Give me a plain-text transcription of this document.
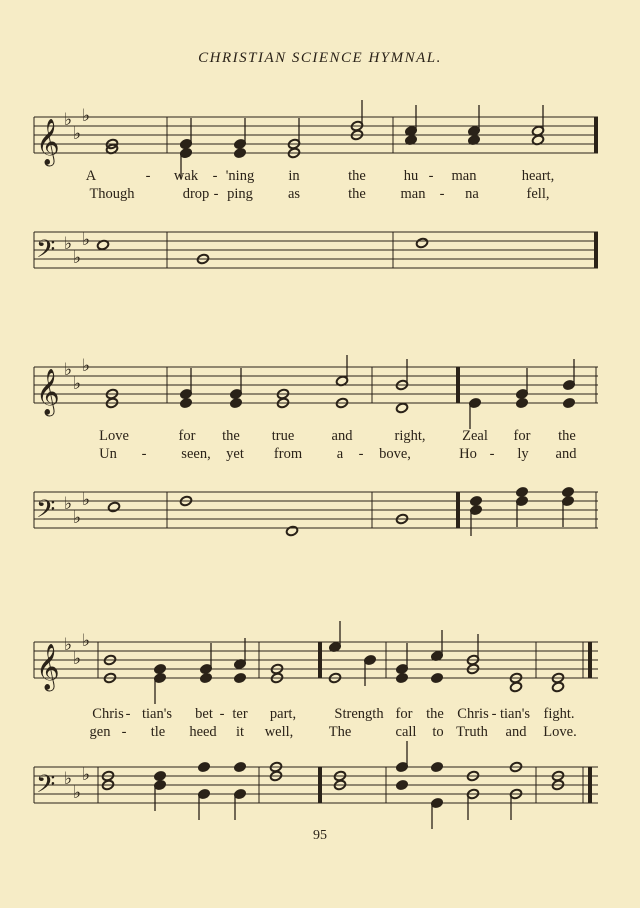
CHRISTIAN SCIENCE HYMNAL.
𝄞
𝄢
𝄞
𝄢
𝄞
𝄢
♭
♭
♭
♭
♭
♭
♭
♭
♭
♭
♭
♭
♭
♭
♭
♭
♭
♭
A	- wak - 'ning in	the	hu - man	heart,
Though	drop - ping as	the man - na	fell,
Love	for the true	and	right,	Zeal for the
Un - seen, yet from a - bove,	Ho - ly and
Chris - tian's bet - ter part,	Strength for the Chris - tian's fight.
gen - tle heed it well, The	call to Truth and Love.
95
